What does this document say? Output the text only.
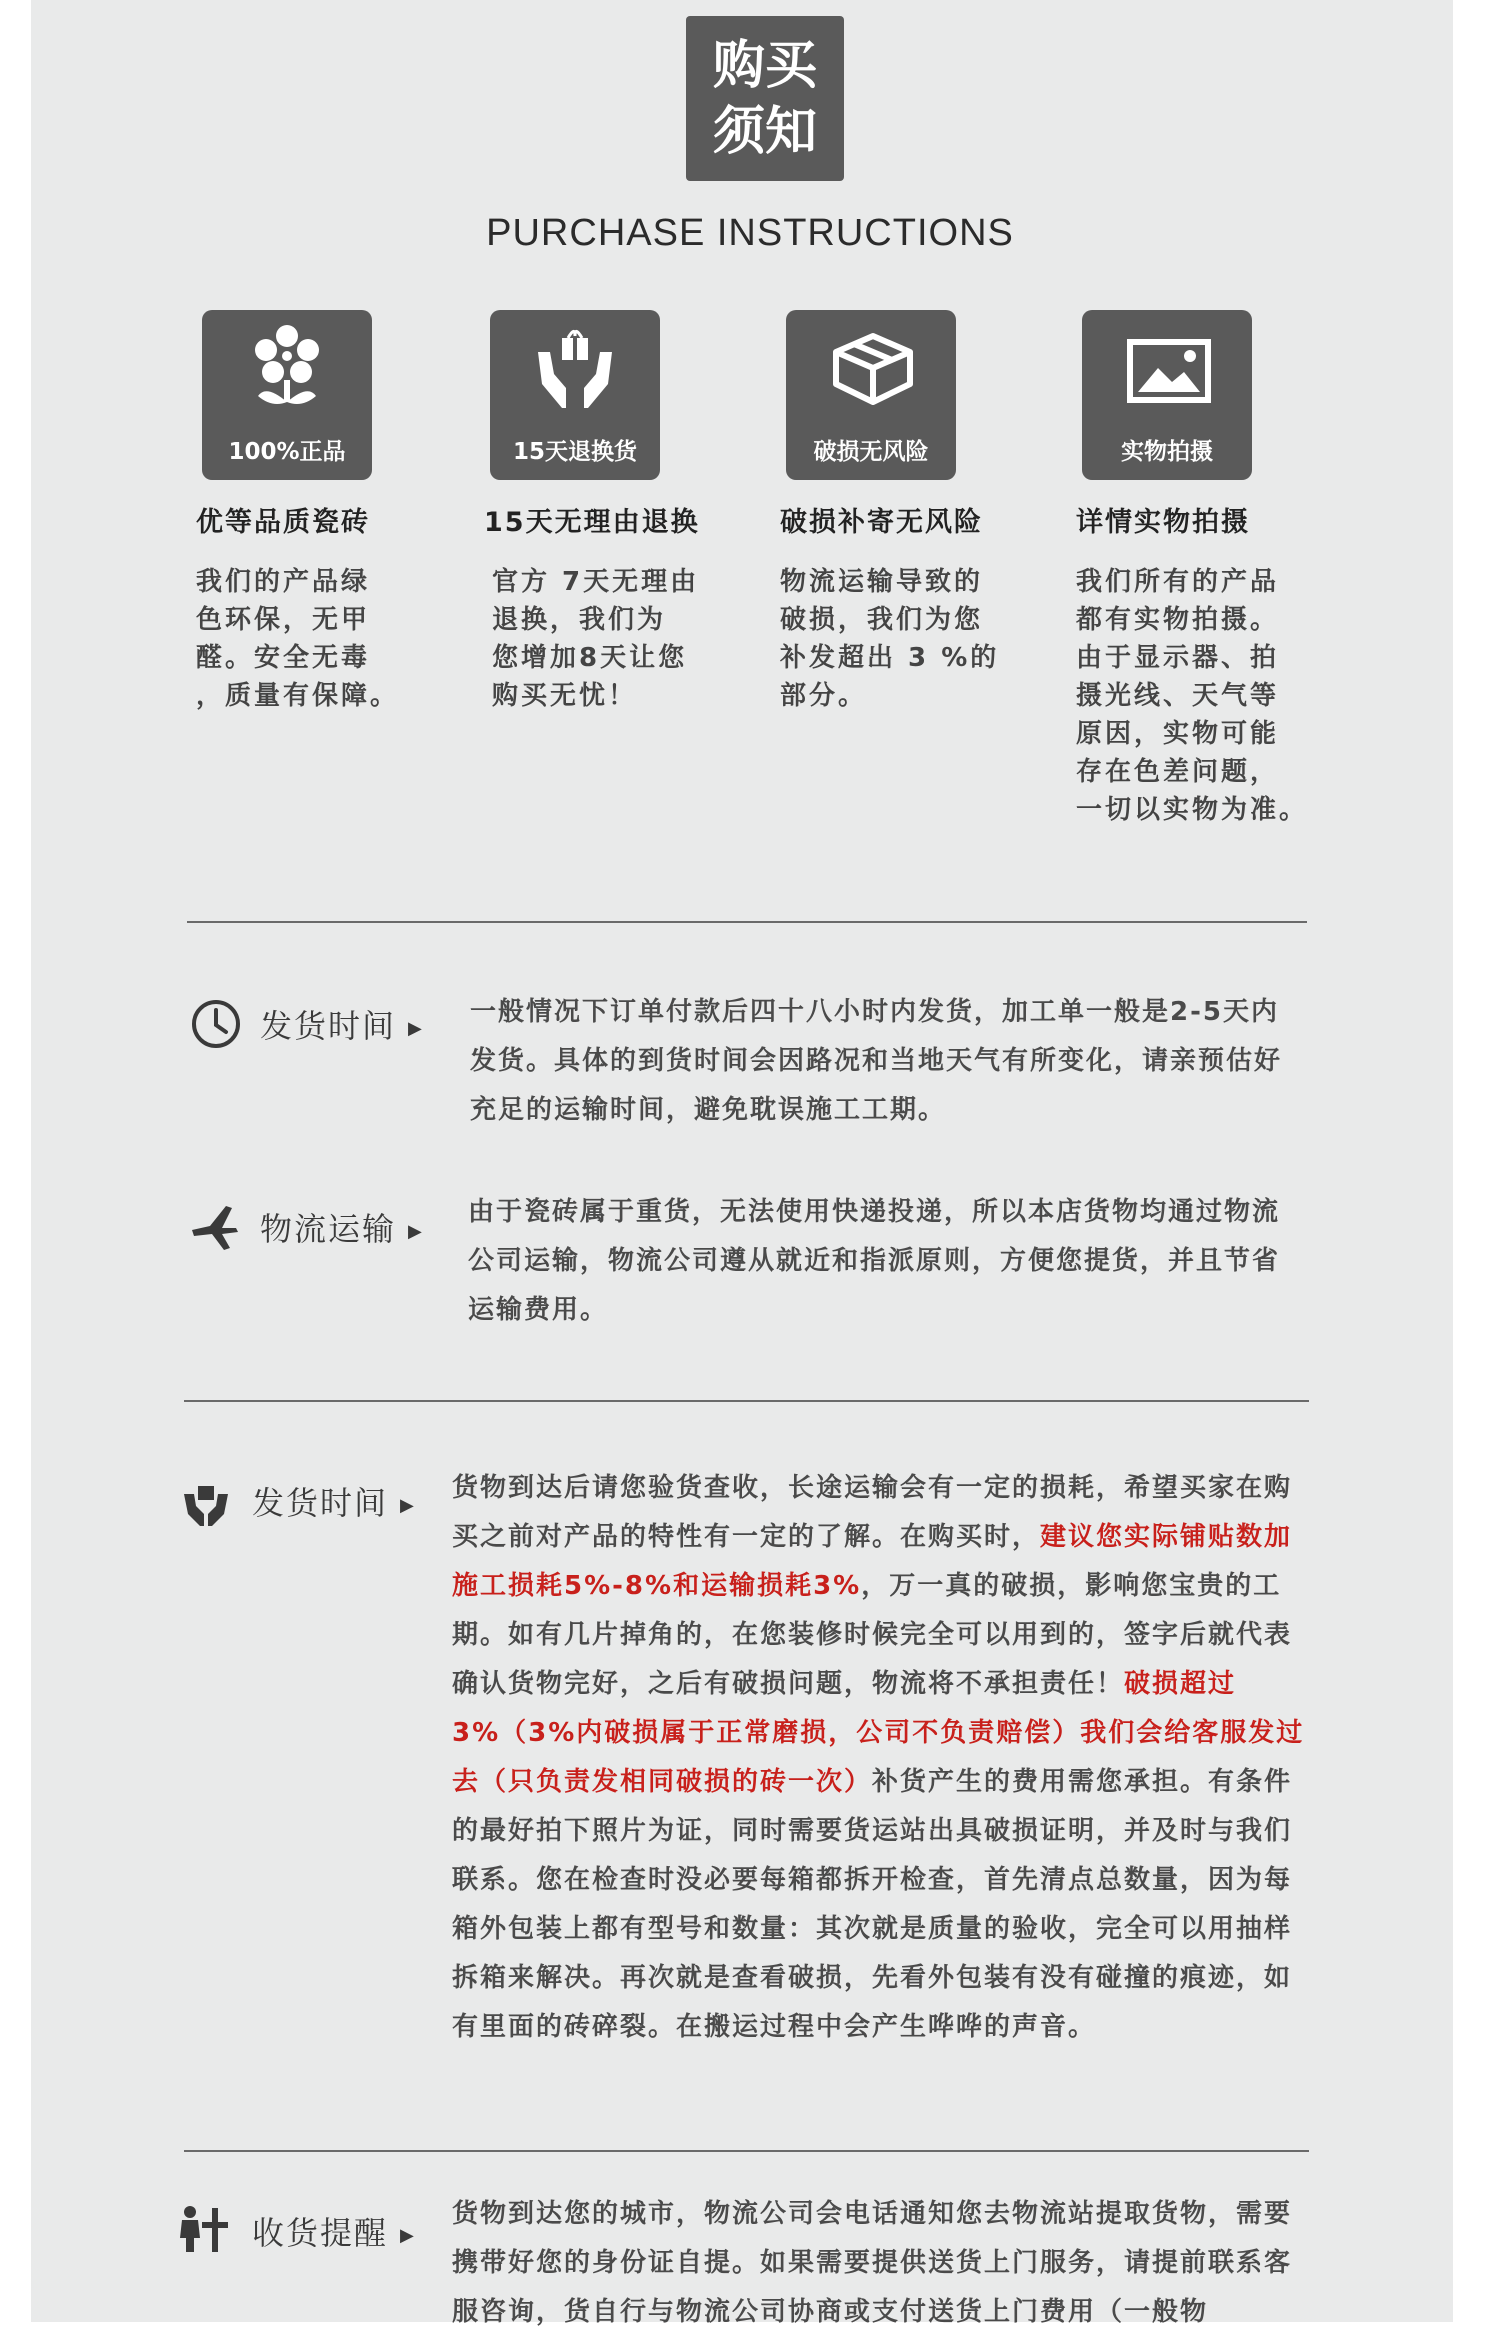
购买
须知
PURCHASE INSTRUCTIONS
100%正品
优等品质瓷砖
我们的产品绿
色环保，无甲
醛。安全无毒
，质量有保障。
15天退换货
15天无理由退换
官方 7天无理由
退换，我们为
您增加8天让您
购买无忧！
破损无风险
破损补寄无风险
物流运输导致的
破损，我们为您
补发超出 3 %的
部分。
实物拍摄
详情实物拍摄
我们所有的产品
都有实物拍摄。
由于显示器、拍
摄光线、天气等
原因，实物可能
存在色差问题，
一切以实物为准。
发货时间 ▶
一般情况下订单付款后四十八小时内发货，加工单一般是2-5天内发货。具体的到货时间会因路况和当地天气有所变化，请亲预估好充足的运输时间，避免耽误施工工期。
物流运输 ▶
由于瓷砖属于重货，无法使用快递投递，所以本店货物均通过物流公司运输，物流公司遵从就近和指派原则，方便您提货，并且节省运输费用。
发货时间 ▶
货物到达后请您验货查收，长途运输会有一定的损耗，希望买家在购买之前对产品的特性有一定的了解。在购买时，建议您实际铺贴数加施工损耗5%-8%和运输损耗3%，万一真的破损，影响您宝贵的工期。如有几片掉角的，在您装修时候完全可以用到的，签字后就代表确认货物完好，之后有破损问题，物流将不承担责任！破损超过3%（3%内破损属于正常磨损，公司不负责赔偿）我们会给客服发过去（只负责发相同破损的砖一次）补货产生的费用需您承担。有条件的最好拍下照片为证，同时需要货运站出具破损证明，并及时与我们联系。您在检查时没必要每箱都拆开检查，首先清点总数量，因为每箱外包装上都有型号和数量：其次就是质量的验收，完全可以用抽样拆箱来解决。再次就是查看破损，先看外包装有没有碰撞的痕迹，如有里面的砖碎裂。在搬运过程中会产生哗哗的声音。
收货提醒 ▶
货物到达您的城市，物流公司会电话通知您去物流站提取货物，需要携带好您的身份证自提。如果需要提供送货上门服务，请提前联系客服咨询，货自行与物流公司协商或支付送货上门费用（一般物
